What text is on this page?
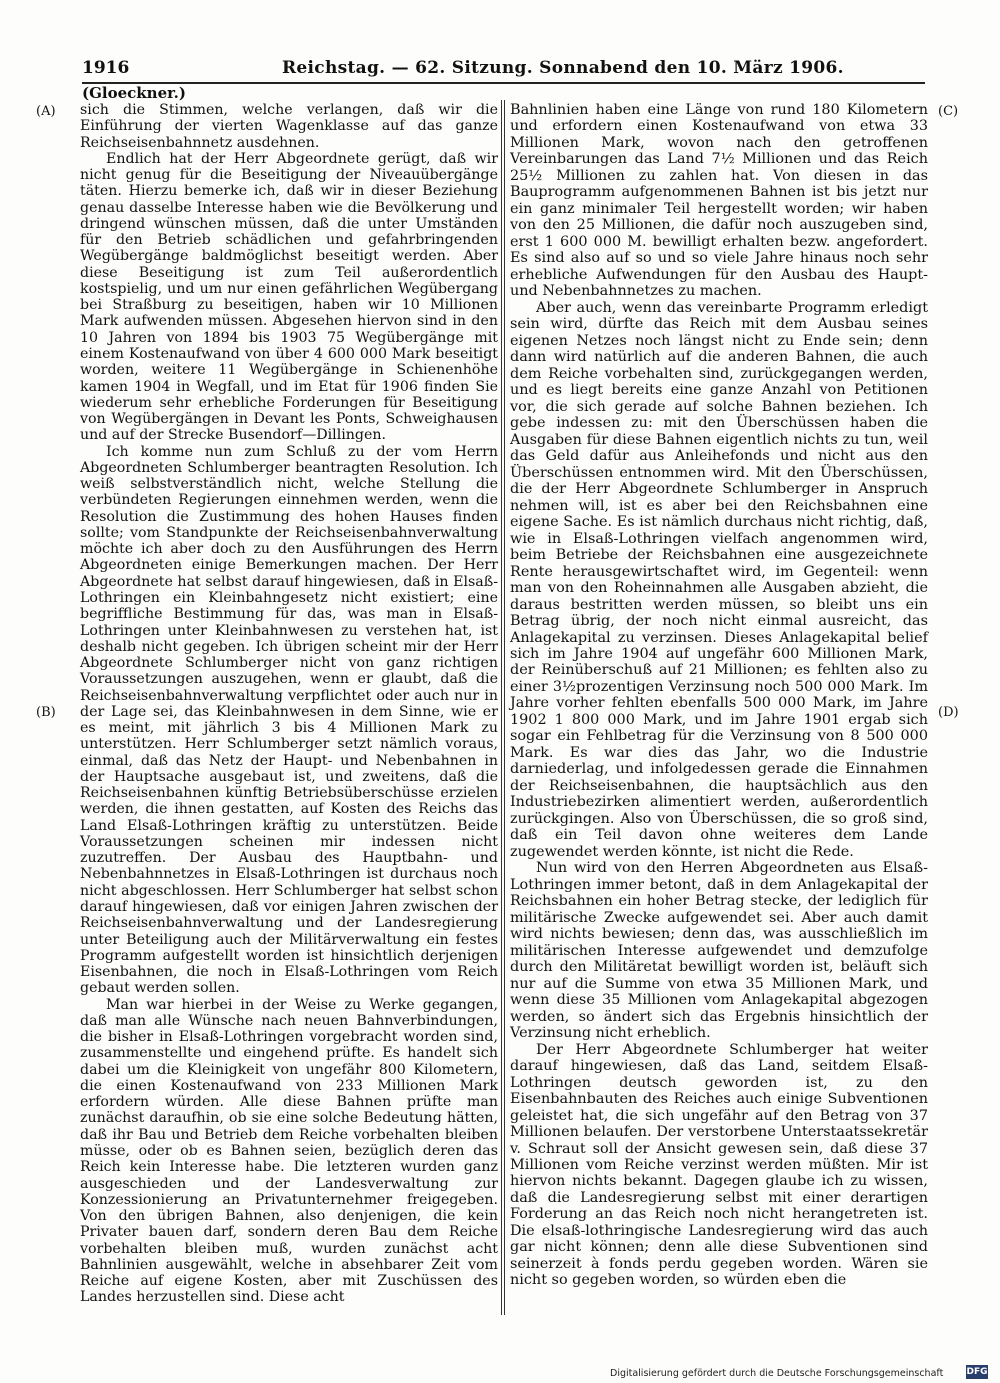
1916	Reichstag. — 62. Sitzung. Sonnabend den 10. März 1906.
(Gloeckner.)
(A)
(B)
(C)
(D)

sich die Stimmen, welche verlangen, daß wir die Einführung der vierten Wagenklasse auf das ganze Reichseisenbahnnetz ausdehnen.

Endlich hat der Herr Abgeordnete gerügt, daß wir nicht genug für die Beseitigung der Niveauübergänge täten. Hierzu bemerke ich, daß wir in dieser Beziehung genau dasselbe Interesse haben wie die Bevölkerung und dringend wünschen müssen, daß die unter Umständen für den Betrieb schädlichen und gefahrbringenden Wegübergänge baldmöglichst beseitigt werden. Aber diese Beseitigung ist zum Teil außerordentlich kostspielig, und um nur einen gefährlichen Wegübergang bei Straßburg zu beseitigen, haben wir 10 Millionen Mark aufwenden müssen. Abgesehen hiervon sind in den 10 Jahren von 1894 bis 1903 75 Wegübergänge mit einem Kostenaufwand von über 4 600 000 Mark beseitigt worden, weitere 11 Wegübergänge in Schienenhöhe kamen 1904 in Wegfall, und im Etat für 1906 finden Sie wiederum sehr erhebliche Forderungen für Beseitigung von Wegübergängen in Devant les Ponts, Schweighausen und auf der Strecke Busendorf—Dillingen.

Ich komme nun zum Schluß zu der vom Herrn Abgeordneten Schlumberger beantragten Resolution. Ich weiß selbstverständlich nicht, welche Stellung die verbündeten Regierungen einnehmen werden, wenn die Resolution die Zustimmung des hohen Hauses finden sollte; vom Standpunkte der Reichseisenbahnverwaltung möchte ich aber doch zu den Ausführungen des Herrn Abgeordneten einige Bemerkungen machen. Der Herr Abgeordnete hat selbst darauf hingewiesen, daß in Elsaß-Lothringen ein Kleinbahngesetz nicht existiert; eine begriffliche Bestimmung für das, was man in Elsaß-Lothringen unter Kleinbahnwesen zu verstehen hat, ist deshalb nicht gegeben. Ich übrigen scheint mir der Herr Abgeordnete Schlumberger nicht von ganz richtigen Voraussetzungen auszugehen, wenn er glaubt, daß die Reichseisenbahnverwaltung verpflichtet oder auch nur in der Lage sei, das Kleinbahnwesen in dem Sinne, wie er es meint, mit jährlich 3 bis 4 Millionen Mark zu unterstützen. Herr Schlumberger setzt nämlich voraus, einmal, daß das Netz der Haupt- und Nebenbahnen in der Hauptsache ausgebaut ist, und zweitens, daß die Reichseisenbahnen künftig Betriebsüberschüsse erzielen werden, die ihnen gestatten, auf Kosten des Reichs das Land Elsaß-Lothringen kräftig zu unterstützen. Beide Voraussetzungen scheinen mir indessen nicht zuzutreffen. Der Ausbau des Hauptbahn- und Nebenbahnnetzes in Elsaß-Lothringen ist durchaus noch nicht abgeschlossen. Herr Schlumberger hat selbst schon darauf hingewiesen, daß vor einigen Jahren zwischen der Reichseisenbahnverwaltung und der Landesregierung unter Beteiligung auch der Militärverwaltung ein festes Programm aufgestellt worden ist hinsichtlich derjenigen Eisenbahnen, die noch in Elsaß-Lothringen vom Reich gebaut werden sollen.

Man war hierbei in der Weise zu Werke gegangen, daß man alle Wünsche nach neuen Bahnverbindungen, die bisher in Elsaß-Lothringen vorgebracht worden sind, zusammenstellte und eingehend prüfte. Es handelt sich dabei um die Kleinigkeit von ungefähr 800 Kilometern, die einen Kostenaufwand von 233 Millionen Mark erfordern würden. Alle diese Bahnen prüfte man zunächst daraufhin, ob sie eine solche Bedeutung hätten, daß ihr Bau und Betrieb dem Reiche vorbehalten bleiben müsse, oder ob es Bahnen seien, bezüglich deren das Reich kein Interesse habe. Die letzteren wurden ganz ausgeschieden und der Landesverwaltung zur Konzessionierung an Privatunternehmer freigegeben. Von den übrigen Bahnen, also denjenigen, die kein Privater bauen darf, sondern deren Bau dem Reiche vorbehalten bleiben muß, wurden zunächst acht Bahnlinien ausgewählt, welche in absehbarer Zeit vom Reiche auf eigene Kosten, aber mit Zuschüssen des Landes herzustellen sind. Diese acht

Bahnlinien haben eine Länge von rund 180 Kilometern und erfordern einen Kostenaufwand von etwa 33 Millionen Mark, wovon nach den getroffenen Vereinbarungen das Land 7½ Millionen und das Reich 25½ Millionen zu zahlen hat. Von diesen in das Bauprogramm aufgenommenen Bahnen ist bis jetzt nur ein ganz minimaler Teil hergestellt worden; wir haben von den 25 Millionen, die dafür noch auszugeben sind, erst 1 600 000 M. bewilligt erhalten bezw. angefordert. Es sind also auf so und so viele Jahre hinaus noch sehr erhebliche Aufwendungen für den Ausbau des Haupt- und Nebenbahnnetzes zu machen.

Aber auch, wenn das vereinbarte Programm erledigt sein wird, dürfte das Reich mit dem Ausbau seines eigenen Netzes noch längst nicht zu Ende sein; denn dann wird natürlich auf die anderen Bahnen, die auch dem Reiche vorbehalten sind, zurückgegangen werden, und es liegt bereits eine ganze Anzahl von Petitionen vor, die sich gerade auf solche Bahnen beziehen. Ich gebe indessen zu: mit den Überschüssen haben die Ausgaben für diese Bahnen eigentlich nichts zu tun, weil das Geld dafür aus Anleihefonds und nicht aus den Überschüssen entnommen wird. Mit den Überschüssen, die der Herr Abgeordnete Schlumberger in Anspruch nehmen will, ist es aber bei den Reichsbahnen eine eigene Sache. Es ist nämlich durchaus nicht richtig, daß, wie in Elsaß-Lothringen vielfach angenommen wird, beim Betriebe der Reichsbahnen eine ausgezeichnete Rente herausgewirtschaftet wird, im Gegenteil: wenn man von den Roheinnahmen alle Ausgaben abzieht, die daraus bestritten werden müssen, so bleibt uns ein Betrag übrig, der noch nicht einmal ausreicht, das Anlagekapital zu verzinsen. Dieses Anlagekapital belief sich im Jahre 1904 auf ungefähr 600 Millionen Mark, der Reinüberschuß auf 21 Millionen; es fehlten also zu einer 3½prozentigen Verzinsung noch 500 000 Mark. Im Jahre vorher fehlten ebenfalls 500 000 Mark, im Jahre 1902 1 800 000 Mark, und im Jahre 1901 ergab sich sogar ein Fehlbetrag für die Verzinsung von 8 500 000 Mark. Es war dies das Jahr, wo die Industrie darniederlag, und infolgedessen gerade die Einnahmen der Reichseisenbahnen, die hauptsächlich aus den Industriebezirken alimentiert werden, außerordentlich zurückgingen. Also von Überschüssen, die so groß sind, daß ein Teil davon ohne weiteres dem Lande zugewendet werden könnte, ist nicht die Rede.

Nun wird von den Herren Abgeordneten aus Elsaß-Lothringen immer betont, daß in dem Anlagekapital der Reichsbahnen ein hoher Betrag stecke, der lediglich für militärische Zwecke aufgewendet sei. Aber auch damit wird nichts bewiesen; denn das, was ausschließlich im militärischen Interesse aufgewendet und demzufolge durch den Militäretat bewilligt worden ist, beläuft sich nur auf die Summe von etwa 35 Millionen Mark, und wenn diese 35 Millionen vom Anlagekapital abgezogen werden, so ändert sich das Ergebnis hinsichtlich der Verzinsung nicht erheblich.

Der Herr Abgeordnete Schlumberger hat weiter darauf hingewiesen, daß das Land, seitdem Elsaß-Lothringen deutsch geworden ist, zu den Eisenbahnbauten des Reiches auch einige Subventionen geleistet hat, die sich ungefähr auf den Betrag von 37 Millionen belaufen. Der verstorbene Unterstaatssekretär v. Schraut soll der Ansicht gewesen sein, daß diese 37 Millionen vom Reiche verzinst werden müßten. Mir ist hiervon nichts bekannt. Dagegen glaube ich zu wissen, daß die Landesregierung selbst mit einer derartigen Forderung an das Reich noch nicht herangetreten ist. Die elsaß-lothringische Landesregierung wird das auch gar nicht können; denn alle diese Subventionen sind seinerzeit à fonds perdu gegeben worden. Wären sie nicht so gegeben worden, so würden eben die

Digitalisierung gefördert durch die Deutsche Forschungsgemeinschaft	DFG
